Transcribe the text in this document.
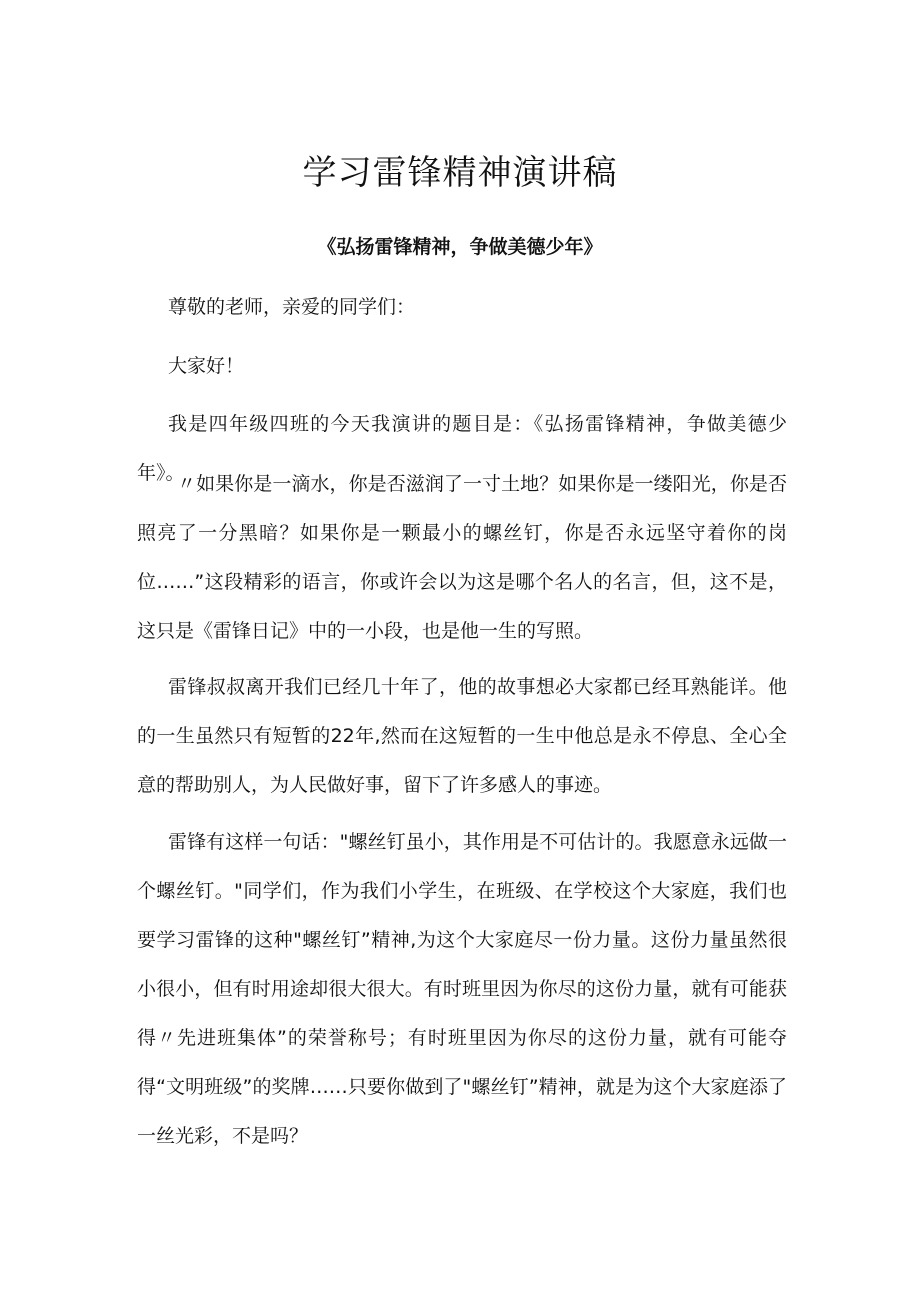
学习雷锋精神演讲稿
《弘扬雷锋精神，争做美德少年》

尊敬的老师，亲爱的同学们：

大家好！

我是四年级四班的今天我演讲的题目是：《弘扬雷锋精神，争做美德少年》。

〃如果你是一滴水，你是否滋润了一寸土地？如果你是一缕阳光，你是否照亮了一分黑暗？如果你是一颗最小的螺丝钉，你是否永远坚守着你的岗位……”这段精彩的语言，你或许会以为这是哪个名人的名言，但，这不是，这只是《雷锋日记》中的一小段，也是他一生的写照。

雷锋叔叔离开我们已经几十年了，他的故事想必大家都已经耳熟能详。他的一生虽然只有短暂的22年,然而在这短暂的一生中他总是永不停息、全心全意的帮助别人，为人民做好事，留下了许多感人的事迹。

雷锋有这样一句话："螺丝钉虽小，其作用是不可估计的。我愿意永远做一个螺丝钉。"同学们，作为我们小学生，在班级、在学校这个大家庭，我们也要学习雷锋的这种"螺丝钉”精神,为这个大家庭尽一份力量。这份力量虽然很小很小，但有时用途却很大很大。有时班里因为你尽的这份力量，就有可能获得〃先进班集体”的荣誉称号；有时班里因为你尽的这份力量，就有可能夺得“文明班级”的奖牌……只要你做到了"螺丝钉”精神，就是为这个大家庭添了一丝光彩，不是吗？
